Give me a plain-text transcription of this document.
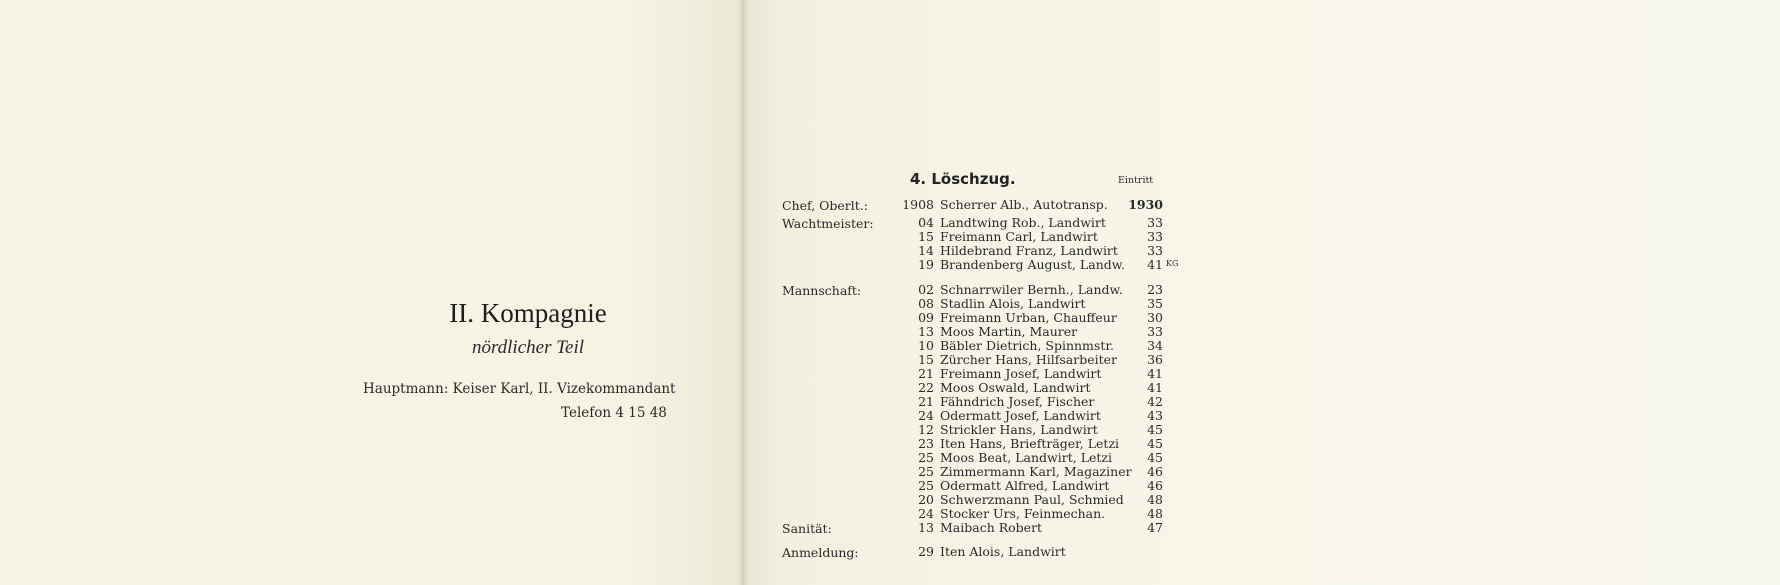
II. Kompagnie
nördlicher Teil
Hauptmann: Keiser Karl, II. Vizekommandant
Telefon 4 15 48
4. Löschzug.	Eintritt
Chef, Oberlt.:	1908 Scherrer Alb., Autotransp. 1930
Wachtmeister:	04 Landtwing Rob., Landwirt	33
15 Freimann Carl, Landwirt	33
14 Hildebrand Franz, Landwirt 33
19 Brandenberg August, Landw. 41 KG
Mannschaft:	02 Schnarrwiler Bernh., Landw. 23
08 Stadlin Alois, Landwirt	35
09 Freimann Urban, Chauffeur 30
13 Moos Martin, Maurer	33
10 Bäbler Dietrich, Spinnmstr.	34
15 Zürcher Hans, Hilfsarbeiter 36
21 Freimann Josef, Landwirt	41
22 Moos Oswald, Landwirt	41
21 Fähndrich Josef, Fischer	42
24 Odermatt Josef, Landwirt	43
12 Strickler Hans, Landwirt	45
23 Iten Hans, Briefträger, Letzi 45
25 Moos Beat, Landwirt, Letzi	45
25 Zimmermann Karl, Magaziner 46
25 Odermatt Alfred, Landwirt	46
20 Schwerzmann Paul, Schmied 48
24 Stocker Urs, Feinmechan.	48
Sanität:	13 Maibach Robert	47
Anmeldung:	29 Iten Alois, Landwirt
